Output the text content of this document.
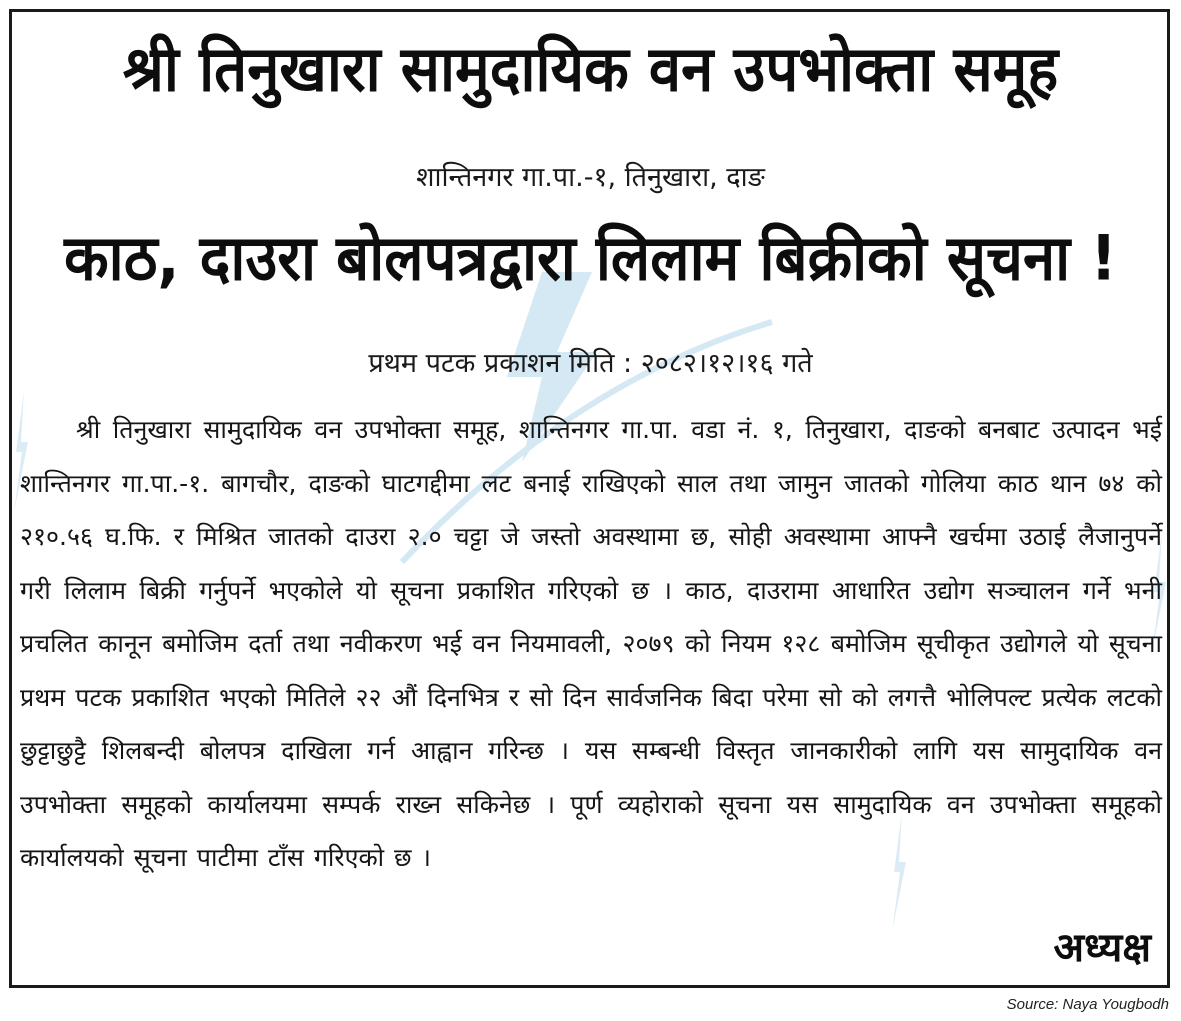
श्री तिनुखारा सामुदायिक वन उपभोक्ता समूह
शान्तिनगर गा.पा.-१, तिनुखारा, दाङ
काठ, दाउरा बोलपत्रद्वारा लिलाम बिक्रीको सूचना !
प्रथम पटक प्रकाशन मिति : २०८२।१२।१६ गते
श्री तिनुखारा सामुदायिक वन उपभोक्ता समूह, शान्तिनगर गा.पा. वडा नं. १, तिनुखारा, दाङको बनबाट उत्पादन भई शान्तिनगर गा.पा.-१. बागचौर, दाङको घाटगद्दीमा लट बनाई राखिएको साल तथा जामुन जातको गोलिया काठ थान ७४ को २१०.५६ घ.फि. र मिश्रित जातको दाउरा २.० चट्टा जे जस्तो अवस्थामा छ, सोही अवस्थामा आफ्नै खर्चमा उठाई लैजानुपर्ने गरी लिलाम बिक्री गर्नुपर्ने भएकोले यो सूचना प्रकाशित गरिएको छ । काठ, दाउरामा आधारित उद्योग सञ्चालन गर्ने भनी प्रचलित कानून बमोजिम दर्ता तथा नवीकरण भई वन नियमावली, २०७९ को नियम १२८ बमोजिम सूचीकृत उद्योगले यो सूचना प्रथम पटक प्रकाशित भएको मितिले २२ औं दिनभित्र र सो दिन सार्वजनिक बिदा परेमा सो को लगत्तै भोलिपल्ट प्रत्येक लटको छुट्टाछुट्टै शिलबन्दी बोलपत्र दाखिला गर्न आह्वान गरिन्छ । यस सम्बन्धी विस्तृत जानकारीको लागि यस सामुदायिक वन उपभोक्ता समूहको कार्यालयमा सम्पर्क राख्न सकिनेछ । पूर्ण व्यहोराको सूचना यस सामुदायिक वन उपभोक्ता समूहको कार्यालयको सूचना पाटीमा टाँस गरिएको छ ।
अध्यक्ष
Source: Naya Yougbodh
